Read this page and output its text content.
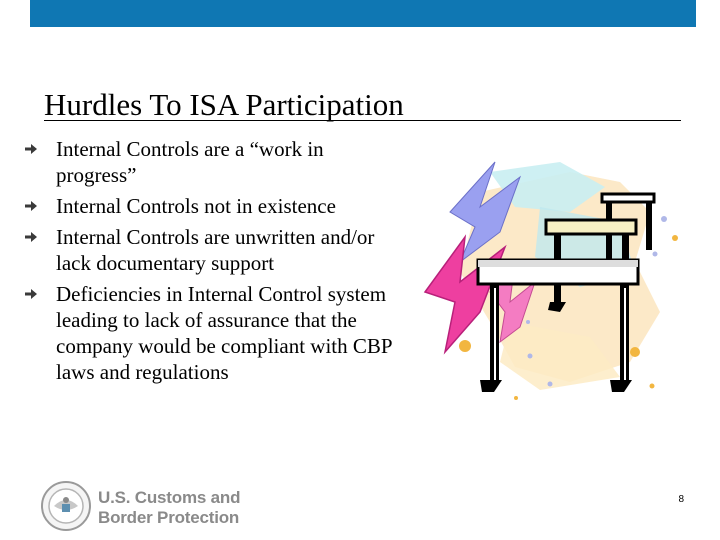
Hurdles To ISA Participation
Internal Controls are a “work in progress”
Internal Controls not in existence
Internal Controls are unwritten and/or lack documentary support
Deficiencies in Internal Control system leading to lack of assurance that the company would be compliant with CBP laws and regulations
U.S. Customs and
Border Protection
8
